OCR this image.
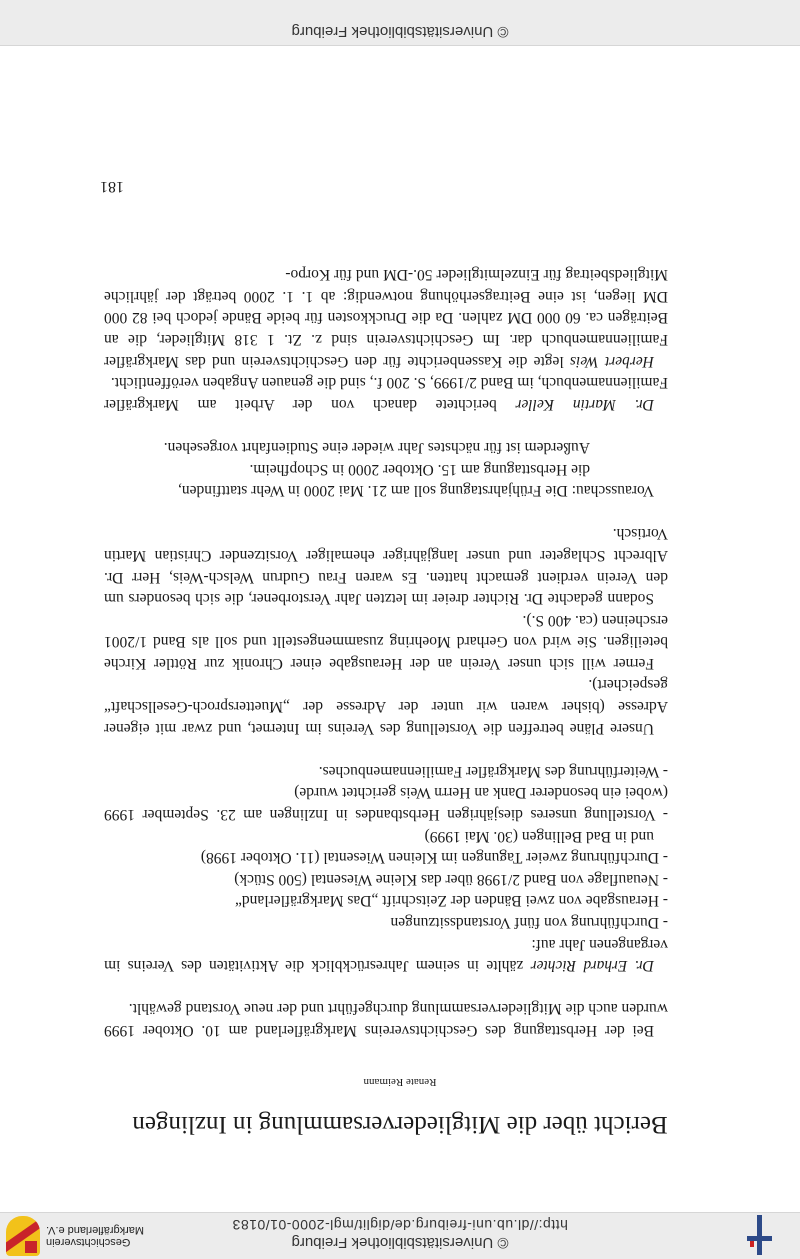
© Universitätsbibliothek Freiburg
http://dl.ub.uni-freiburg.de/diglit/mgl-2000-01/0183
Geschichtsverein
Markgräflerland e.V.
Bericht über die Mitgliederversammlung in Inzlingen
Renate Reimann

Bei der Herbsttagung des Geschichtsvereins Markgräflerland am 10. Oktober 1999 wurden auch die Mitgliederversammlung durchgeführt und der neue Vorstand gewählt.

Dr. Erhard Richter zählte in seinem Jahresrückblick die Aktivitäten des Vereins im vergangenen Jahr auf:

- Durchführung von fünf Vorstandssitzungen
- Herausgabe von zwei Bänden der Zeitschrift „Das Markgräflerland“
- Neuauflage von Band 2/1998 über das Kleine Wiesental (500 Stück)
- Durchführung zweier Tagungen im Kleinen Wiesental (11. Oktober 1998)
und in Bad Bellingen (30. Mai 1999)
- Vorstellung unseres diesjährigen Herbstbandes in Inzlingen am 23. September 1999 (wobei ein besonderer Dank an Herrn Weis gerichtet wurde)
- Weiterführung des Markgräfler Familiennamenbuches.

Unsere Pläne betreffen die Vorstellung des Vereins im Internet, und zwar mit eigener Adresse (bisher waren wir unter der Adresse der „Muettersproch-Gesellschaft“ gespeichert).

Ferner will sich unser Verein an der Herausgabe einer Chronik zur Röttler Kirche beteiligen. Sie wird von Gerhard Moehring zusammengestellt und soll als Band 1/2001 erscheinen (ca. 400 S.).

Sodann gedachte Dr. Richter dreier im letzten Jahr Verstorbener, die sich besonders um den Verein verdient gemacht hatten. Es waren Frau Gudrun Welsch-Weis, Herr Dr. Albrecht Schlageter und unser langjähriger ehemaliger Vorsitzender Christian Martin Vortisch.

Vorausschau: Die Frühjahrstagung soll am 21. Mai 2000 in Wehr stattfinden,
die Herbsttagung am 15. Oktober 2000 in Schopfheim.
Außerdem ist für nächstes Jahr wieder eine Studienfahrt vorgesehen.

Dr. Martin Keller berichtete danach von der Arbeit am Markgräfler Familiennamenbuch, im Band 2/1999, S. 200 f., sind die genauen Angaben veröffentlicht.

Herbert Weis legte die Kassenberichte für den Geschichtsverein und das Markgräfler Familiennamenbuch dar. Im Geschichtsverein sind z. Zt. 1 318 Mitglieder, die an Beiträgen ca. 60 000 DM zahlen. Da die Druckkosten für beide Bände jedoch bei 82 000 DM liegen, ist eine Beitragserhöhung notwendig: ab 1. 1. 2000 beträgt der jährliche Mitgliedsbeitrag für Einzelmitglieder 50.-DM und für Korpo-

181
© Universitätsbibliothek Freiburg
